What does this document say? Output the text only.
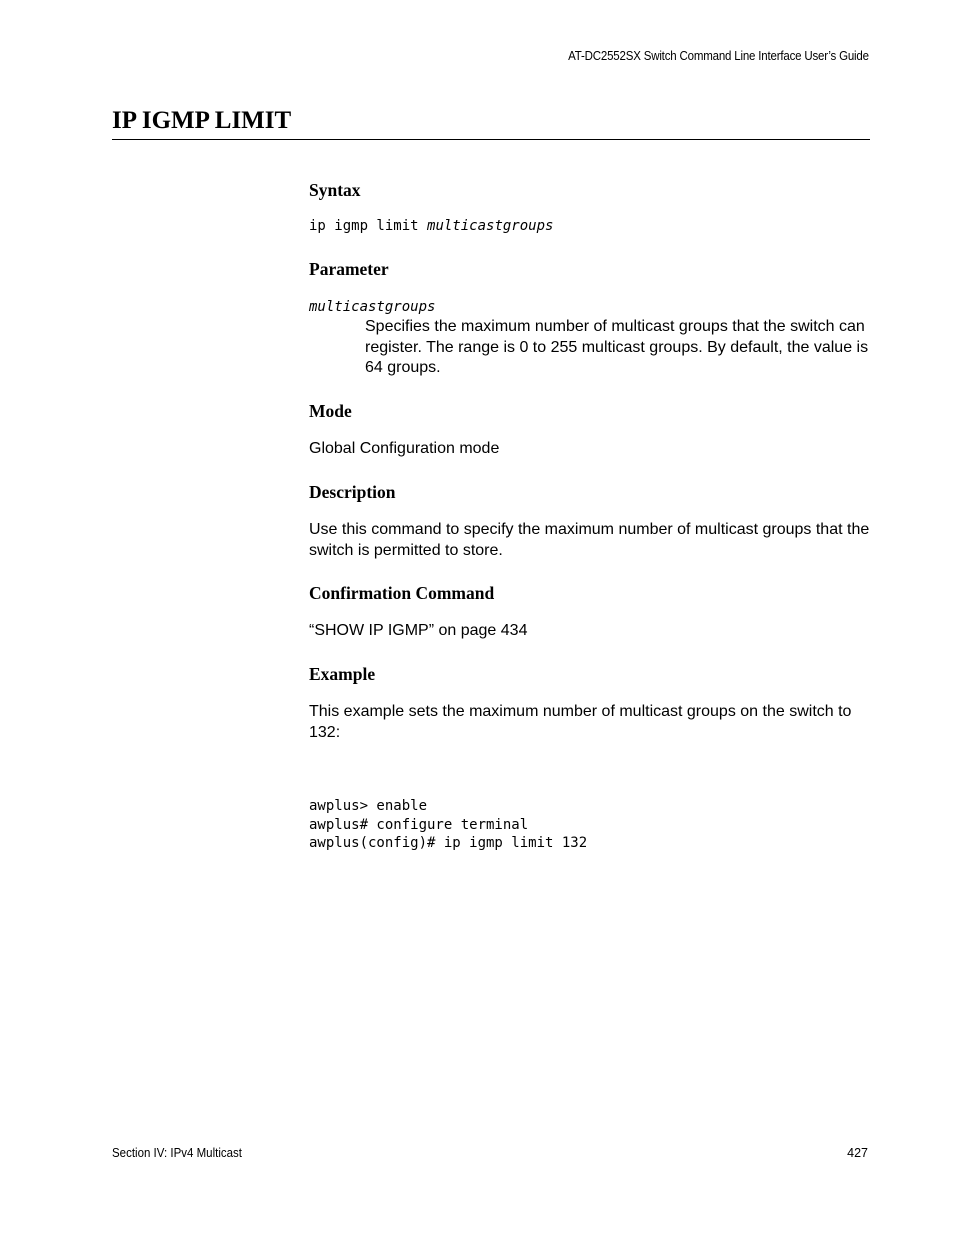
AT-DC2552SX Switch Command Line Interface User’s Guide
IP IGMP LIMIT
Syntax
ip igmp limit multicastgroups
Parameter
multicastgroups

Specifies the maximum number of multicast groups that the switch can register. The range is 0 to 255 multicast groups. By default, the value is 64 groups.

Mode

Global Configuration mode

Description

Use this command to specify the maximum number of multicast groups that the switch is permitted to store.

Confirmation Command

“SHOW IP IGMP” on page 434

Example

This example sets the maximum number of multicast groups on the switch to 132:

awplus> enable
awplus# configure terminal
awplus(config)# ip igmp limit 132

Section IV: IPv4 Multicast	427
